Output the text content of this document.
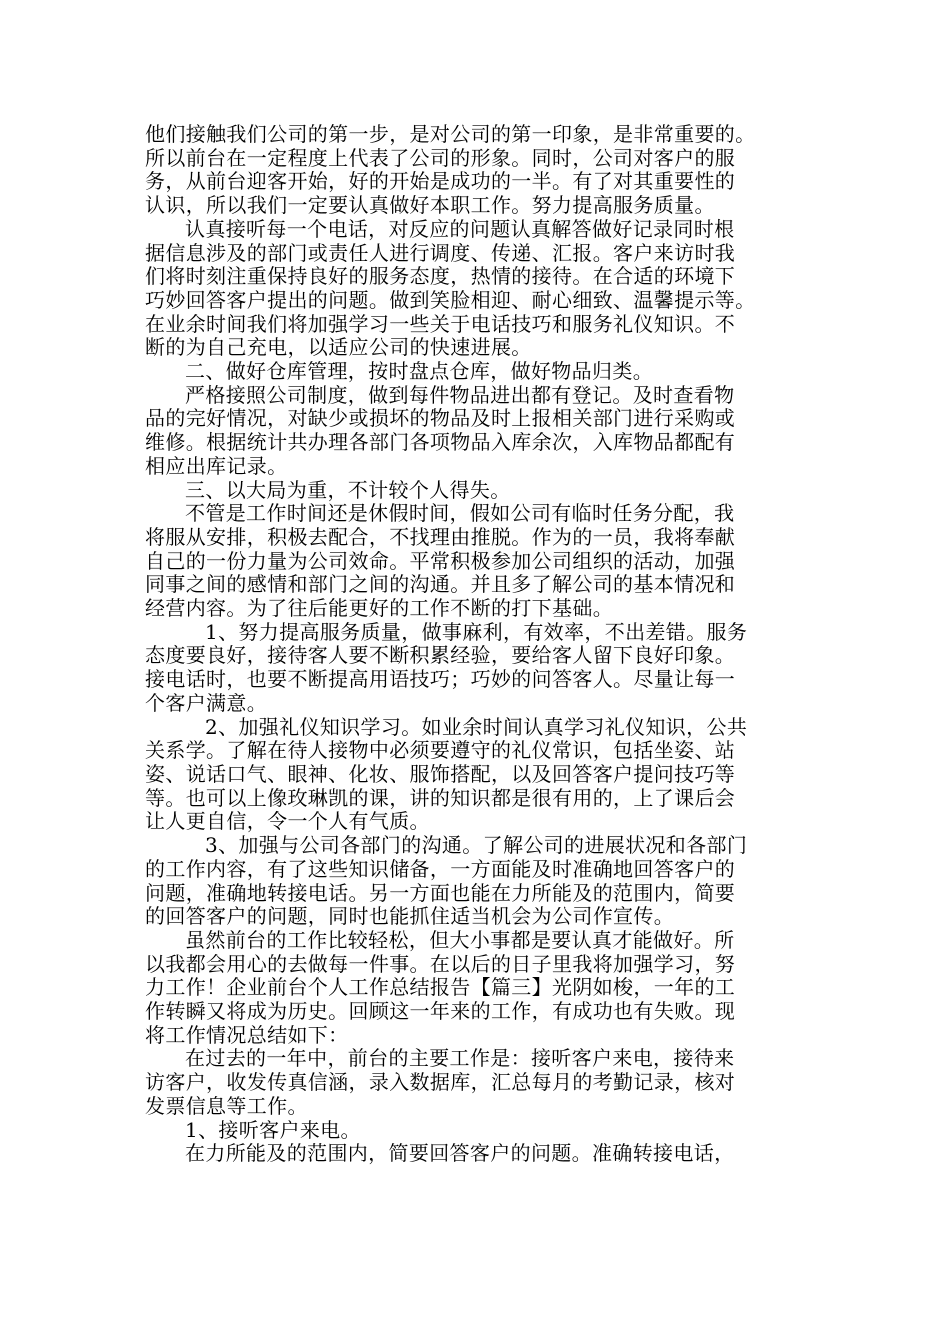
他们接触我们公司的第一步，是对公司的第一印象，是非常重要的。
所以前台在一定程度上代表了公司的形象。同时，公司对客户的服
务，从前台迎客开始，好的开始是成功的一半。有了对其重要性的
认识，所以我们一定要认真做好本职工作。努力提高服务质量。
认真接听每一个电话，对反应的问题认真解答做好记录同时根
据信息涉及的部门或责任人进行调度、传递、汇报。客户来访时我
们将时刻注重保持良好的服务态度，热情的接待。在合适的环境下
巧妙回答客户提出的问题。做到笑脸相迎、耐心细致、温馨提示等。
在业余时间我们将加强学习一些关于电话技巧和服务礼仪知识。不
断的为自己充电，以适应公司的快速进展。
二、做好仓库管理，按时盘点仓库，做好物品归类。
严格接照公司制度，做到每件物品进出都有登记。及时查看物
品的完好情况，对缺少或损坏的物品及时上报相关部门进行采购或
维修。根据统计共办理各部门各项物品入库余次，入库物品都配有
相应出库记录。
三、以大局为重，不计较个人得失。
不管是工作时间还是休假时间，假如公司有临时任务分配，我
将服从安排，积极去配合，不找理由推脱。作为的一员，我将奉献
自己的一份力量为公司效命。平常积极参加公司组织的活动，加强
同事之间的感情和部门之间的沟通。并且多了解公司的基本情况和
经营内容。为了往后能更好的工作不断的打下基础。
1、努力提高服务质量，做事麻利，有效率，不出差错。服务
态度要良好，接待客人要不断积累经验，要给客人留下良好印象。
接电话时，也要不断提高用语技巧；巧妙的问答客人。尽量让每一
个客户满意。
2、加强礼仪知识学习。如业余时间认真学习礼仪知识，公共
关系学。了解在待人接物中必须要遵守的礼仪常识，包括坐姿、站
姿、说话口气、眼神、化妆、服饰搭配，以及回答客户提问技巧等
等。也可以上像玫琳凯的课，讲的知识都是很有用的，上了课后会
让人更自信，令一个人有气质。
3、加强与公司各部门的沟通。了解公司的进展状况和各部门
的工作内容，有了这些知识储备，一方面能及时准确地回答客户的
问题，准确地转接电话。另一方面也能在力所能及的范围内，简要
的回答客户的问题，同时也能抓住适当机会为公司作宣传。
虽然前台的工作比较轻松，但大小事都是要认真才能做好。所
以我都会用心的去做每一件事。在以后的日子里我将加强学习，努
力工作！企业前台个人工作总结报告【篇三】光阴如梭，一年的工
作转瞬又将成为历史。回顾这一年来的工作，有成功也有失败。现
将工作情况总结如下：
在过去的一年中，前台的主要工作是：接听客户来电，接待来
访客户，收发传真信涵，录入数据库，汇总每月的考勤记录，核对
发票信息等工作。
1、接听客户来电。
在力所能及的范围内，简要回答客户的问题。准确转接电话，
